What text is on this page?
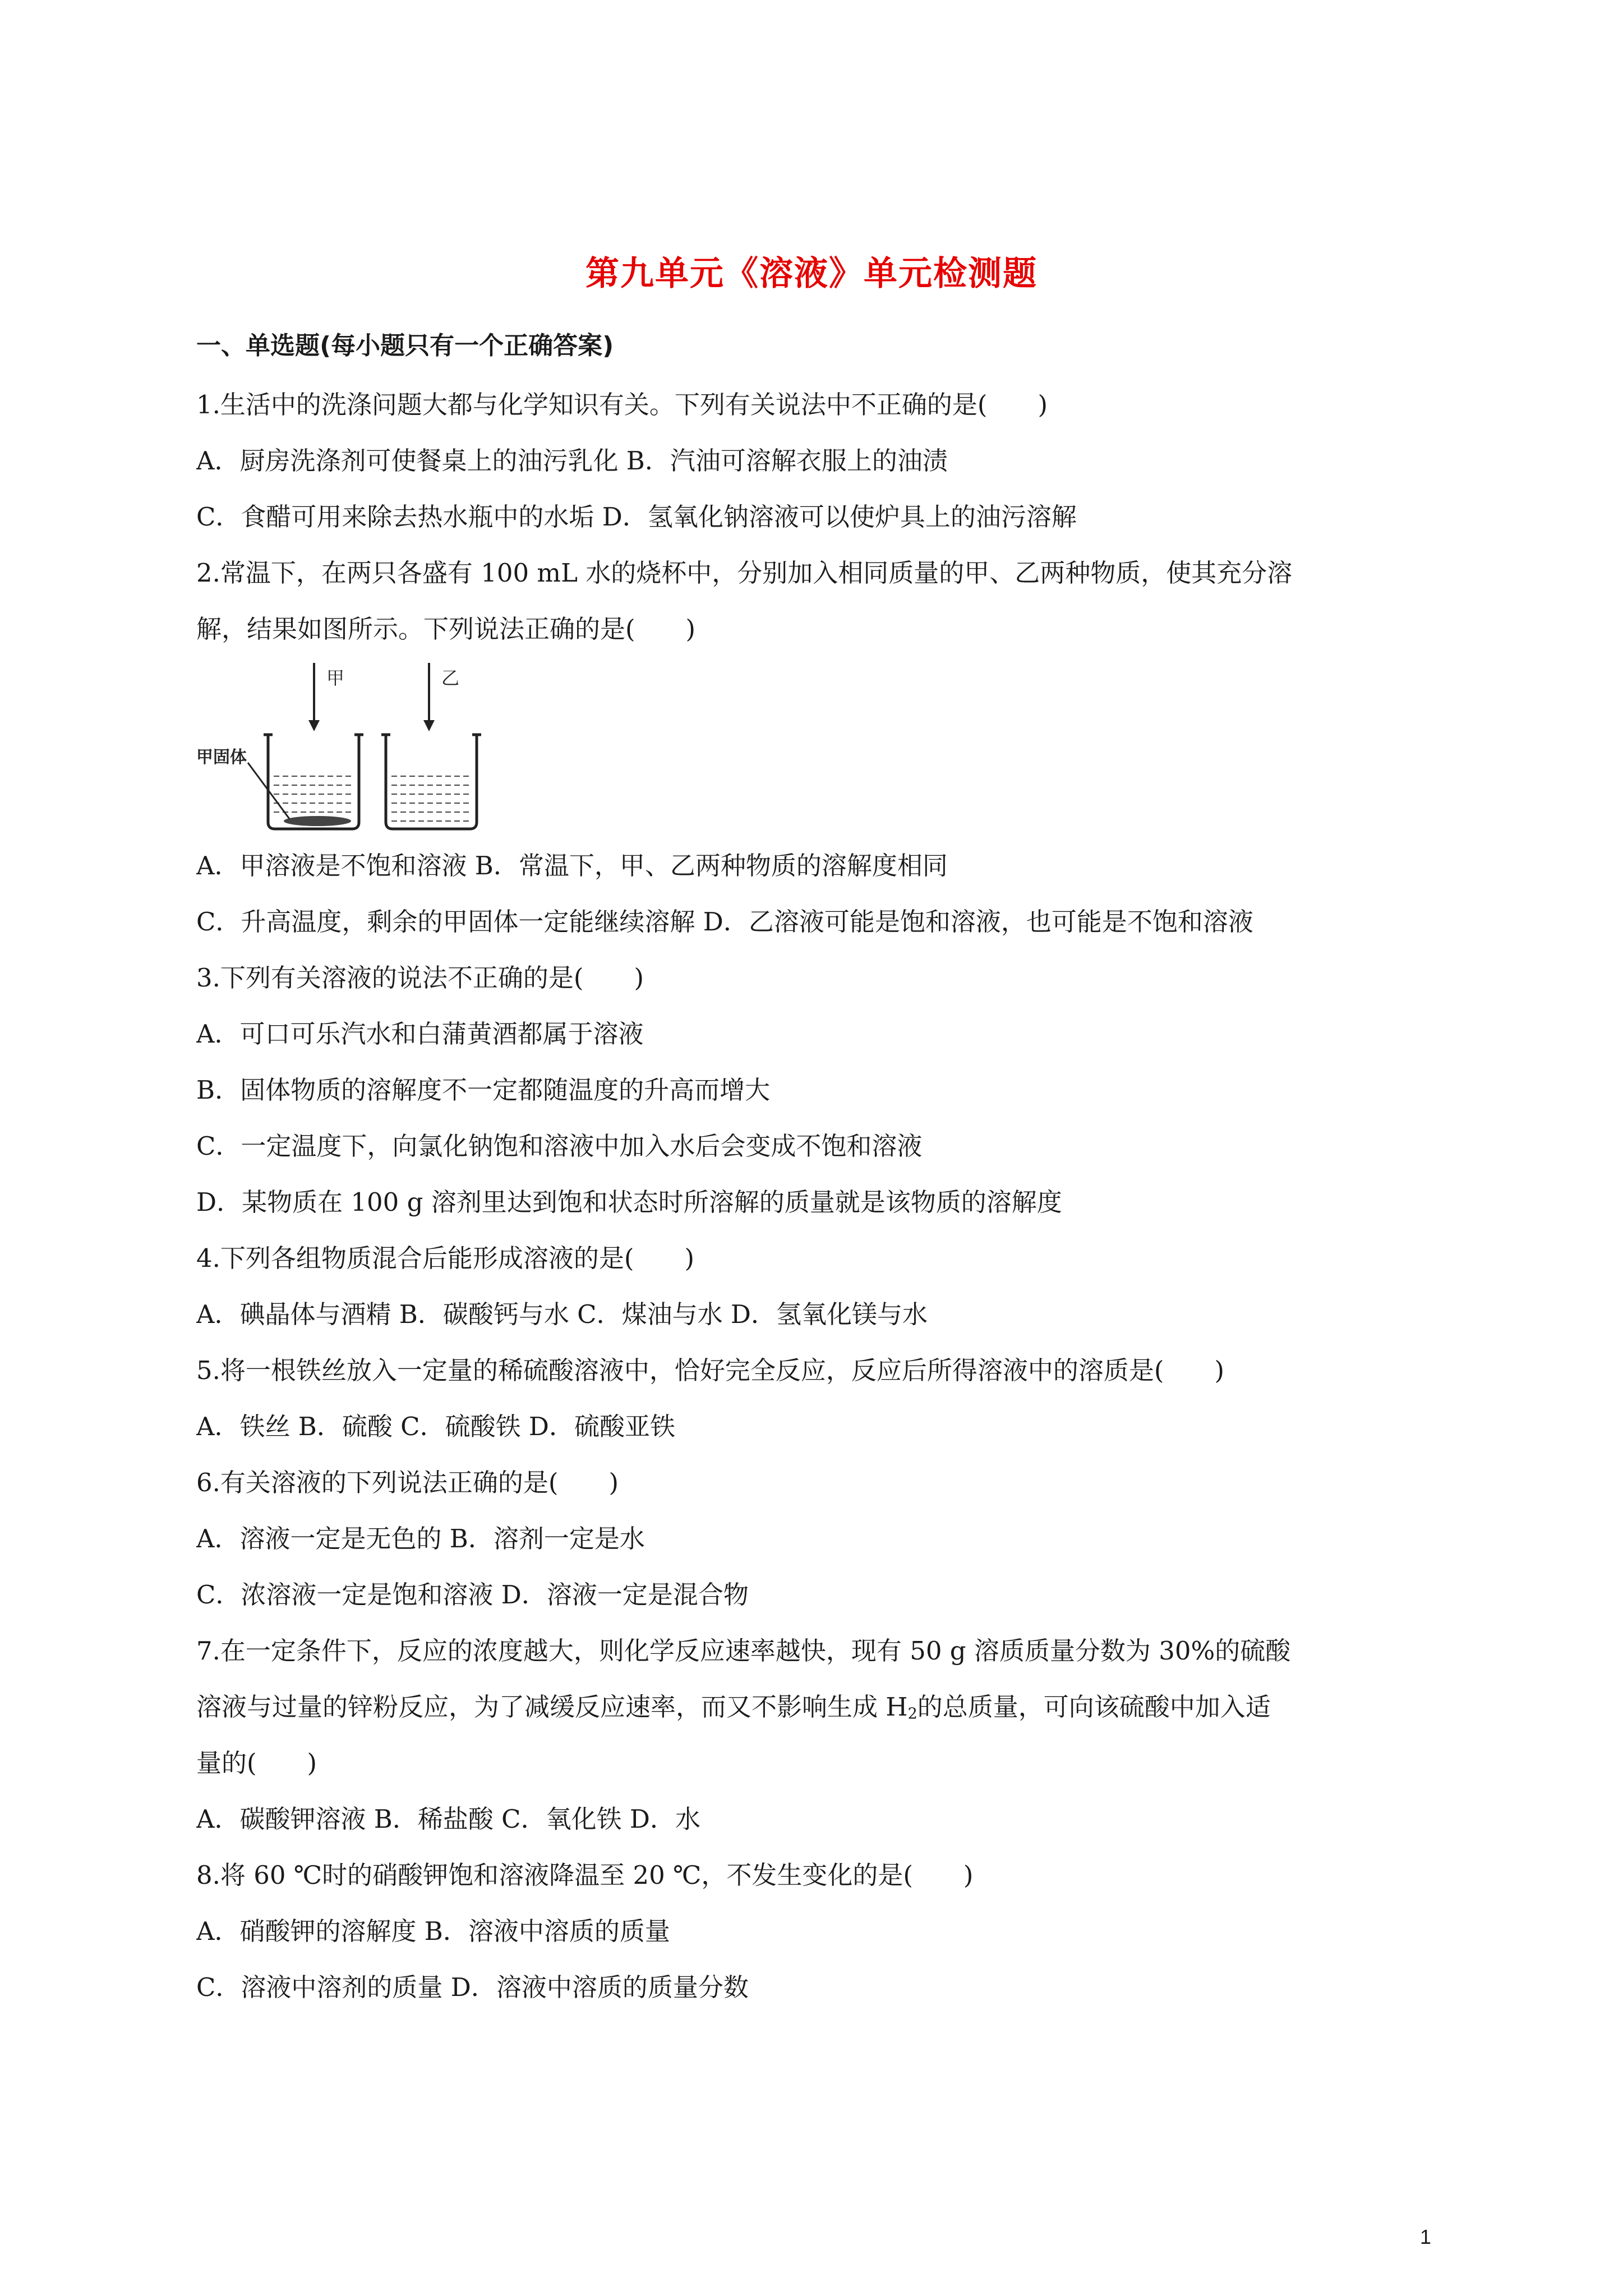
第九单元《溶液》单元检测题
一、单选题(每小题只有一个正确答案)
1.生活中的洗涤问题大都与化学知识有关。下列有关说法中不正确的是(　　)
A．厨房洗涤剂可使餐桌上的油污乳化 B．汽油可溶解衣服上的油渍
C．食醋可用来除去热水瓶中的水垢 D．氢氧化钠溶液可以使炉具上的油污溶解
2.常温下，在两只各盛有 100 mL 水的烧杯中，分别加入相同质量的甲、乙两种物质，使其充分溶
解，结果如图所示。下列说法正确的是(　　)
甲	乙
甲固体
A．甲溶液是不饱和溶液 B．常温下，甲、乙两种物质的溶解度相同
C．升高温度，剩余的甲固体一定能继续溶解 D．乙溶液可能是饱和溶液，也可能是不饱和溶液
3.下列有关溶液的说法不正确的是(　　)
A．可口可乐汽水和白蒲黄酒都属于溶液
B．固体物质的溶解度不一定都随温度的升高而增大
C．一定温度下，向氯化钠饱和溶液中加入水后会变成不饱和溶液
D．某物质在 100 g 溶剂里达到饱和状态时所溶解的质量就是该物质的溶解度
4.下列各组物质混合后能形成溶液的是(　　)
A．碘晶体与酒精 B．碳酸钙与水 C．煤油与水 D．氢氧化镁与水
5.将一根铁丝放入一定量的稀硫酸溶液中，恰好完全反应，反应后所得溶液中的溶质是(　　)
A．铁丝 B．硫酸 C．硫酸铁 D．硫酸亚铁
6.有关溶液的下列说法正确的是(　　)
A．溶液一定是无色的 B．溶剂一定是水
C．浓溶液一定是饱和溶液 D．溶液一定是混合物
7.在一定条件下，反应的浓度越大，则化学反应速率越快，现有 50 g 溶质质量分数为 30%的硫酸
溶液与过量的锌粉反应，为了减缓反应速率，而又不影响生成 $H_2$的总质量，可向该硫酸中加入适
量的(　　)
A．碳酸钾溶液 B．稀盐酸 C．氧化铁 D．水
8.将 60 ℃时的硝酸钾饱和溶液降温至 20 ℃，不发生变化的是(　　)
A．硝酸钾的溶解度 B．溶液中溶质的质量
C．溶液中溶剂的质量 D．溶液中溶质的质量分数
1
